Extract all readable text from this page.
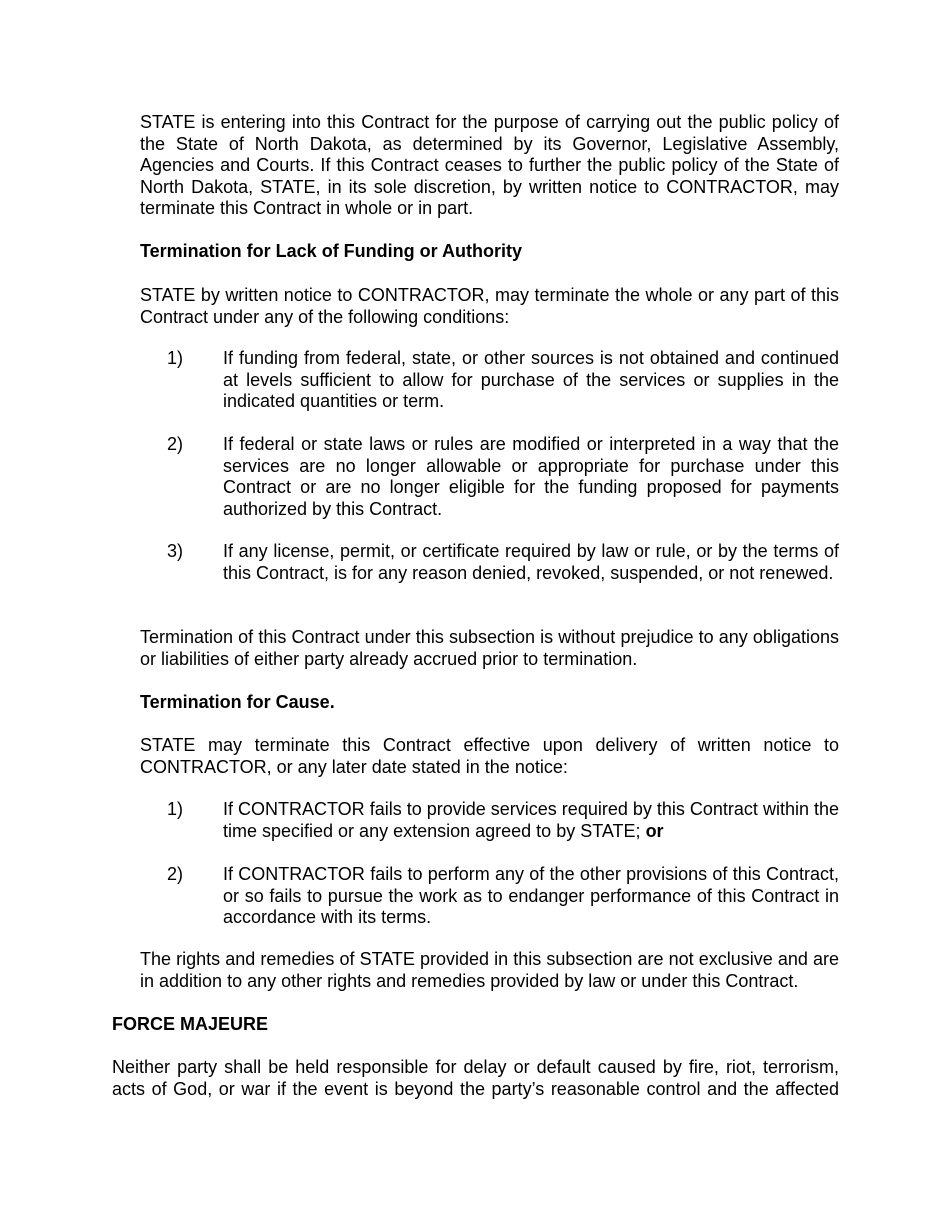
STATE is entering into this Contract for the purpose of carrying out the public policy of the State of North Dakota, as determined by its Governor, Legislative Assembly, Agencies and Courts. If this Contract ceases to further the public policy of the State of North Dakota, STATE, in its sole discretion, by written notice to CONTRACTOR, may terminate this Contract in whole or in part.

Termination for Lack of Funding or Authority

STATE by written notice to CONTRACTOR, may terminate the whole or any part of this Contract under any of the following conditions:

1)	If funding from federal, state, or other sources is not obtained and continued at levels sufficient to allow for purchase of the services or supplies in the indicated quantities or term.

2)	If federal or state laws or rules are modified or interpreted in a way that the services are no longer allowable or appropriate for purchase under this Contract or are no longer eligible for the funding proposed for payments authorized by this Contract.

3)	If any license, permit, or certificate required by law or rule, or by the terms of this Contract, is for any reason denied, revoked, suspended, or not renewed.

Termination of this Contract under this subsection is without prejudice to any obligations or liabilities of either party already accrued prior to termination.

Termination for Cause.

STATE may terminate this Contract effective upon delivery of written notice to CONTRACTOR, or any later date stated in the notice:

1)	If CONTRACTOR fails to provide services required by this Contract within the time specified or any extension agreed to by STATE; or

2)	If CONTRACTOR fails to perform any of the other provisions of this Contract, or so fails to pursue the work as to endanger performance of this Contract in accordance with its terms.

The rights and remedies of STATE provided in this subsection are not exclusive and are in addition to any other rights and remedies provided by law or under this Contract.

FORCE MAJEURE

Neither party shall be held responsible for delay or default caused by fire, riot, terrorism, acts of God, or war if the event is beyond the party’s reasonable control and the affected
